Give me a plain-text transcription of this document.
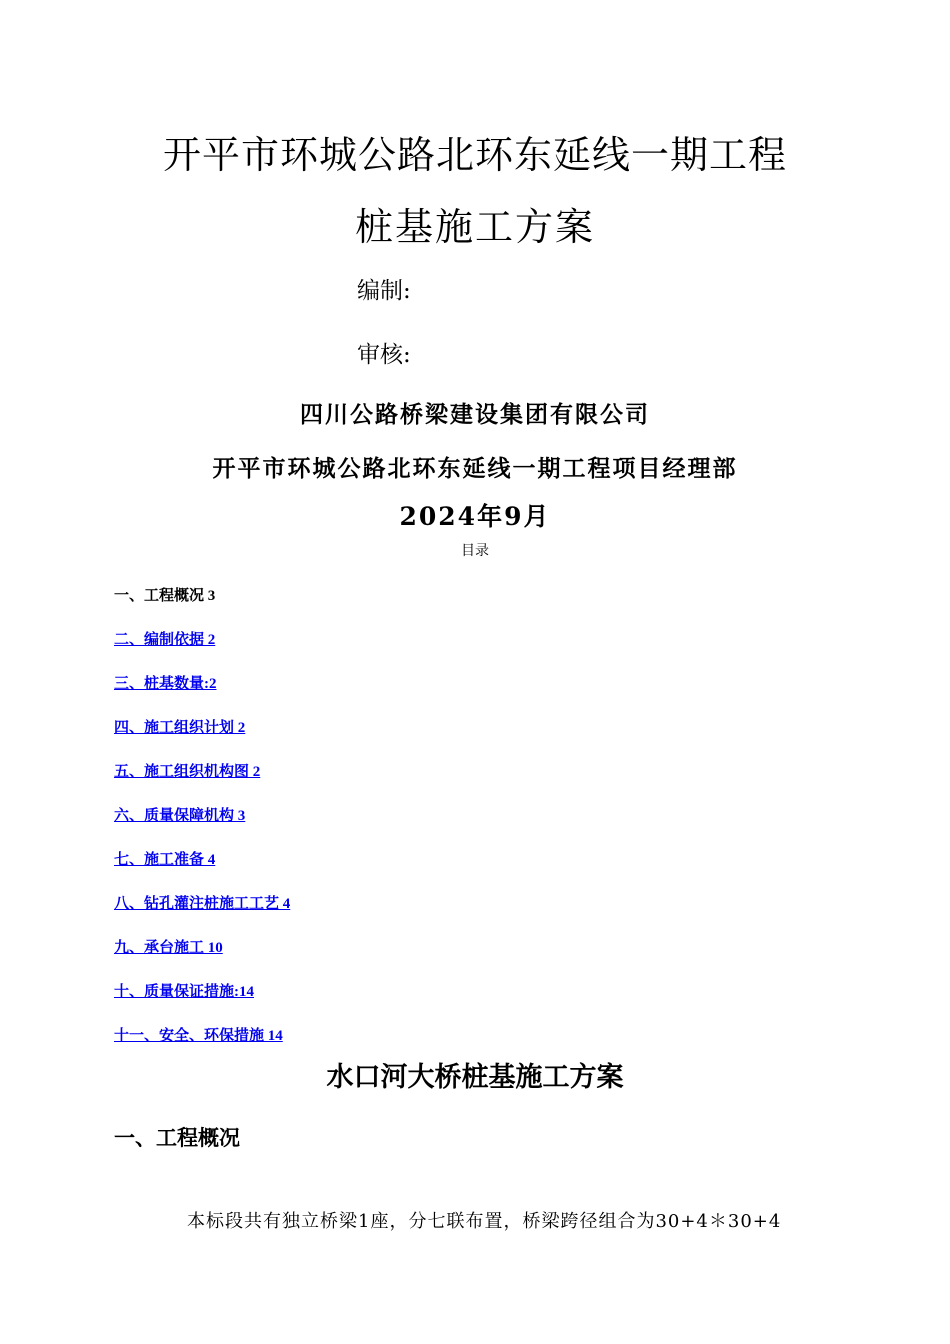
开平市环城公路北环东延线一期工程
桩基施工方案
编制:
审核:
四川公路桥梁建设集团有限公司
开平市环城公路北环东延线一期工程项目经理部
2024年9月
目录
一、工程概况 3
二、编制依据 2
三、桩基数量:2
四、施工组织计划 2
五、施工组织机构图 2
六、质量保障机构 3
七、施工准备 4
八、钻孔灌注桩施工工艺 4
九、承台施工 10
十、质量保证措施:14
十一、安全、环保措施 14
水口河大桥桩基施工方案
一、工程概况
本标段共有独立桥梁1座，分七联布置，桥梁跨径组合为30+4＊30+4
